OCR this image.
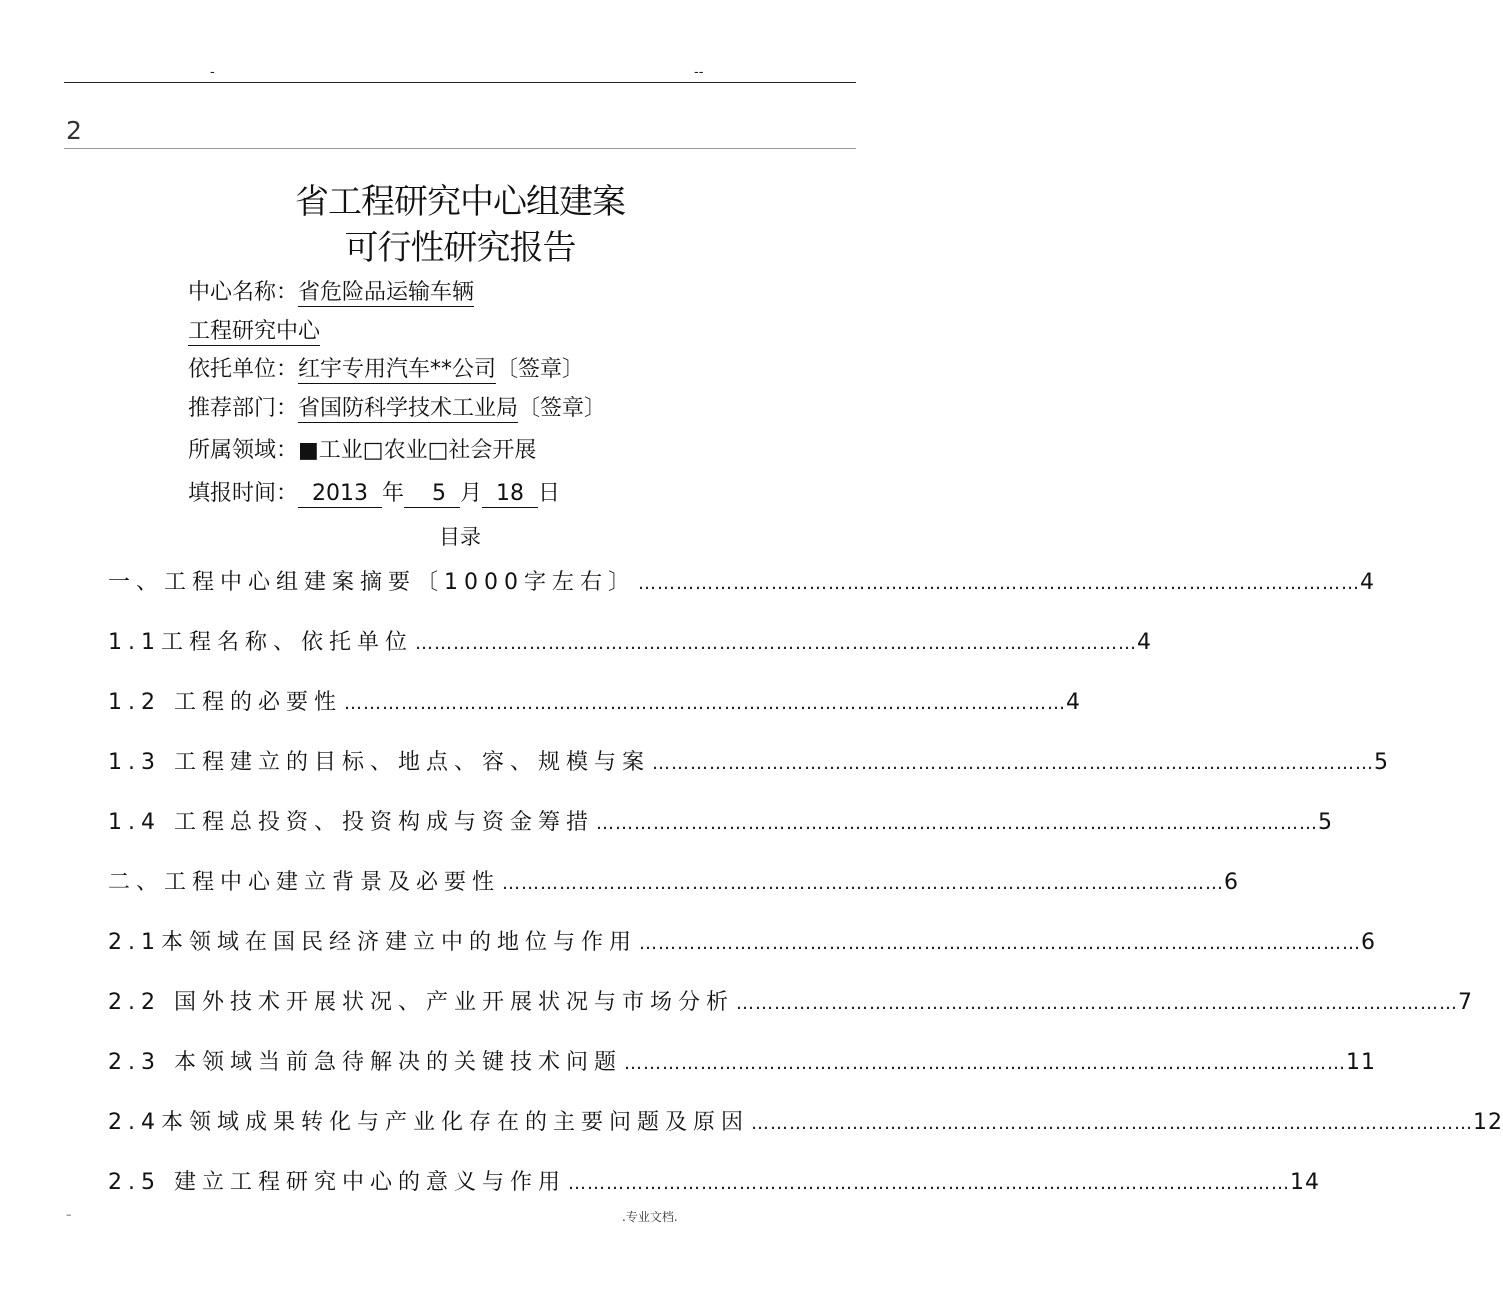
-	--
2
省工程研究中心组建案
可行性研究报告
中心名称：省危险品运输车辆
工程研究中心
依托单位：红宇专用汽车**公司〔签章〕
推荐部门：省国防科学技术工业局〔签章〕
所属领域：■工业□农业□社会开展
填报时间：  2013  年   5  月  18  日
目录
一、工程中心组建案摘要〔1000字左右〕 …………………………………………………………………………………………………… 4
1.1工程名称、依托单位 …………………………………………………………………………………………………… 4
1.2 工程的必要性 …………………………………………………………………………………………………… 4
1.3 工程建立的目标、地点、容、规模与案 …………………………………………………………………………………………………… 5
1.4 工程总投资、投资构成与资金筹措 …………………………………………………………………………………………………… 5
二、工程中心建立背景及必要性 …………………………………………………………………………………………………… 6
2.1本领域在国民经济建立中的地位与作用 …………………………………………………………………………………………………… 6
2.2 国外技术开展状况、产业开展状况与市场分析 …………………………………………………………………………………………………… 7
2.3 本领域当前急待解决的关键技术问题 …………………………………………………………………………………………………… 11
2.4本领域成果转化与产业化存在的主要问题及原因 …………………………………………………………………………………………………… 12
2.5 建立工程研究中心的意义与作用 …………………………………………………………………………………………………… 14
–	.专业文档.
